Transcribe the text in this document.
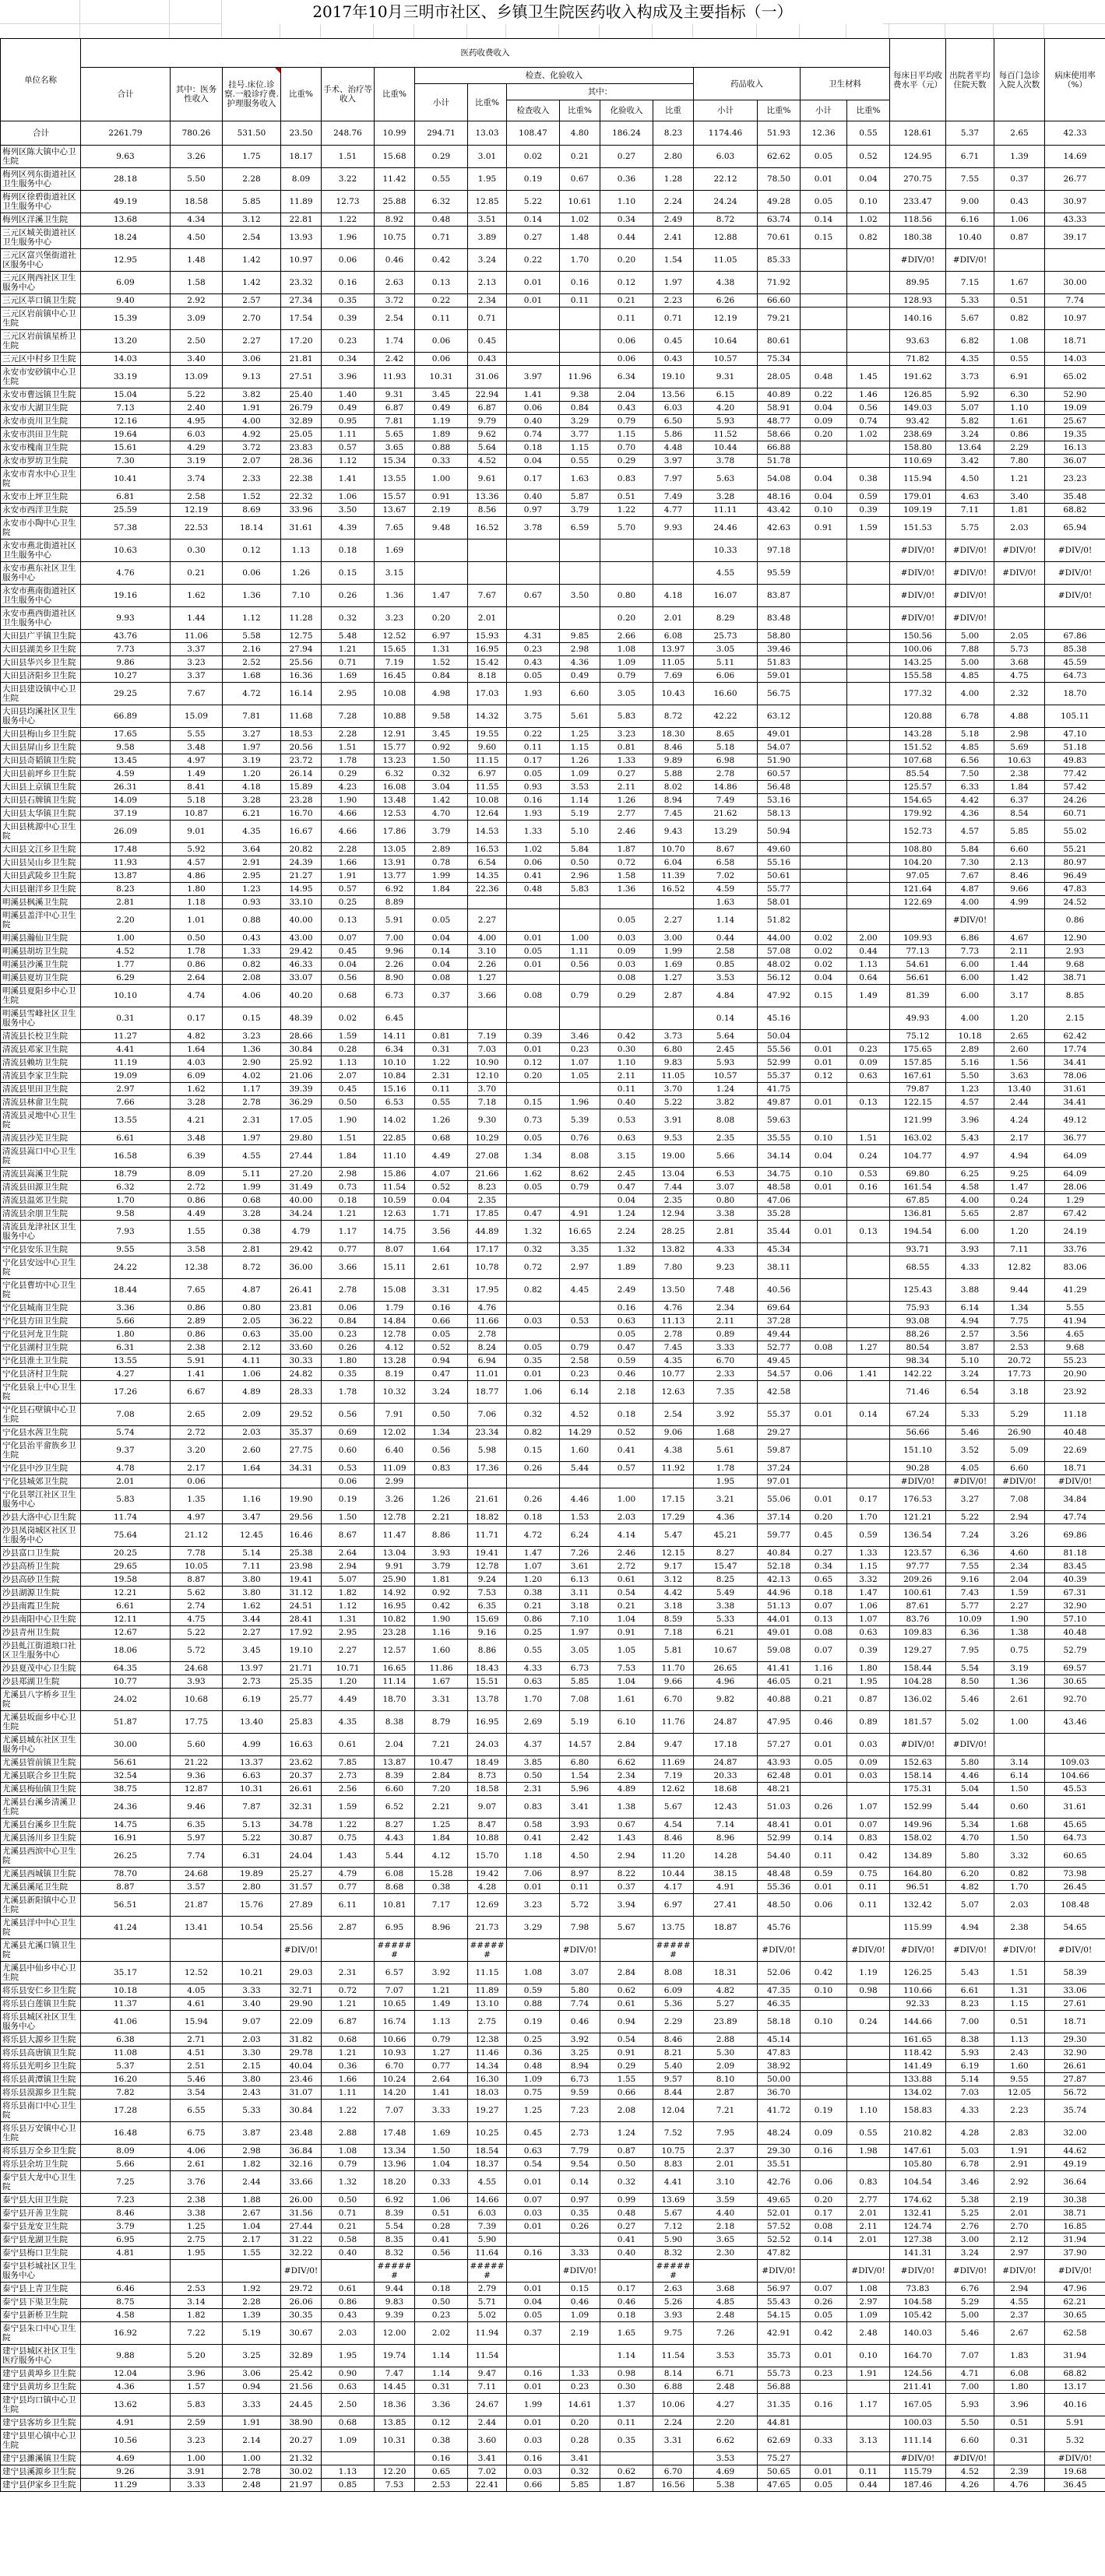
2017年10月三明市社区、乡镇卫生院医药收入构成及主要指标（一）
单位名称	医药收费收入																每床日平均收费水平（元）	出院者平均住院天数	每百门急诊入院人次数	病床使用率（%）
	合计	其中：医务性收入	挂号.床位.诊察.一般诊疗费.护理服务收入	比重%	手术、治疗等收入	比重%	检查、化验收入						药品收入		卫生材料					
							小计	比重%	其中：											
									检查收入	比重%	化验收入	比重	小计	比重%	小计	比重%				
合计	2261.79	780.26	531.50	23.50	248.76	10.99	294.71	13.03	108.47	4.80	186.24	8.23	1174.46	51.93	12.36	0.55	128.61	5.37	2.65	42.33
梅列区陈大镇中心卫生院	9.63	3.26	1.75	18.17	1.51	15.68	0.29	3.01	0.02	0.21	0.27	2.80	6.03	62.62	0.05	0.52	124.95	6.71	1.39	14.69
梅列区列东街道社区卫生服务中心	28.18	5.50	2.28	8.09	3.22	11.42	0.55	1.95	0.19	0.67	0.36	1.28	22.12	78.50	0.01	0.04	270.75	7.55	0.37	26.77
梅列区徐碧街道社区卫生服务中心	49.19	18.58	5.85	11.89	12.73	25.88	6.32	12.85	5.22	10.61	1.10	2.24	24.24	49.28	0.05	0.10	233.47	9.00	0.43	30.97
梅列区洋溪卫生院	13.68	4.34	3.12	22.81	1.22	8.92	0.48	3.51	0.14	1.02	0.34	2.49	8.72	63.74	0.14	1.02	118.56	6.16	1.06	43.33
三元区城关街道社区卫生服务中心	18.24	4.50	2.54	13.93	1.96	10.75	0.71	3.89	0.27	1.48	0.44	2.41	12.88	70.61	0.15	0.82	180.38	10.40	0.87	39.17
三元区富兴堡街道社区服务中心	12.95	1.48	1.42	10.97	0.06	0.46	0.42	3.24	0.22	1.70	0.20	1.54	11.05	85.33			#DIV/0!	#DIV/0!		
三元区荆西社区卫生服务中心	6.09	1.58	1.42	23.32	0.16	2.63	0.13	2.13	0.01	0.16	0.12	1.97	4.38	71.92			89.95	7.15	1.67	30.00
三元区莘口镇卫生院	9.40	2.92	2.57	27.34	0.35	3.72	0.22	2.34	0.01	0.11	0.21	2.23	6.26	66.60			128.93	5.33	0.51	7.74
三元区岩前镇中心卫生院	15.39	3.09	2.70	17.54	0.39	2.54	0.11	0.71			0.11	0.71	12.19	79.21			140.16	5.67	0.82	10.97
三元区岩前镇星桥卫生院	13.20	2.50	2.27	17.20	0.23	1.74	0.06	0.45			0.06	0.45	10.64	80.61			93.63	6.82	1.08	18.71
三元区中村乡卫生院	14.03	3.40	3.06	21.81	0.34	2.42	0.06	0.43			0.06	0.43	10.57	75.34			71.82	4.35	0.55	14.03
永安市安砂镇中心卫生院	33.19	13.09	9.13	27.51	3.96	11.93	10.31	31.06	3.97	11.96	6.34	19.10	9.31	28.05	0.48	1.45	191.62	3.73	6.91	65.02
永安市曹远镇卫生院	15.04	5.22	3.82	25.40	1.40	9.31	3.45	22.94	1.41	9.38	2.04	13.56	6.15	40.89	0.22	1.46	126.85	5.92	6.30	52.90
永安市大湖卫生院	7.13	2.40	1.91	26.79	0.49	6.87	0.49	6.87	0.06	0.84	0.43	6.03	4.20	58.91	0.04	0.56	149.03	5.07	1.10	19.09
永安市贡川卫生院	12.16	4.95	4.00	32.89	0.95	7.81	1.19	9.79	0.40	3.29	0.79	6.50	5.93	48.77	0.09	0.74	93.42	5.82	1.61	25.67
永安市洪田卫生院	19.64	6.03	4.92	25.05	1.11	5.65	1.89	9.62	0.74	3.77	1.15	5.86	11.52	58.66	0.20	1.02	238.69	3.24	0.86	19.35
永安市槐南卫生院	15.61	4.29	3.72	23.83	0.57	3.65	0.88	5.64	0.18	1.15	0.70	4.48	10.44	66.88			158.80	13.64	2.29	16.13
永安市罗坊卫生院	7.30	3.19	2.07	28.36	1.12	15.34	0.33	4.52	0.04	0.55	0.29	3.97	3.78	51.78			110.69	3.42	7.80	36.07
永安市青水中心卫生院	10.41	3.74	2.33	22.38	1.41	13.55	1.00	9.61	0.17	1.63	0.83	7.97	5.63	54.08	0.04	0.38	115.94	4.50	1.21	23.23
永安市上坪卫生院	6.81	2.58	1.52	22.32	1.06	15.57	0.91	13.36	0.40	5.87	0.51	7.49	3.28	48.16	0.04	0.59	179.01	4.63	3.40	35.48
永安市西洋卫生院	25.59	12.19	8.69	33.96	3.50	13.67	2.19	8.56	0.97	3.79	1.22	4.77	11.11	43.42	0.10	0.39	109.19	7.11	1.81	68.82
永安市小陶中心卫生院	57.38	22.53	18.14	31.61	4.39	7.65	9.48	16.52	3.78	6.59	5.70	9.93	24.46	42.63	0.91	1.59	151.53	5.75	2.03	65.94
永安市燕北街道社区卫生服务中心	10.63	0.30	0.12	1.13	0.18	1.69							10.33	97.18			#DIV/0!	#DIV/0!	#DIV/0!	#DIV/0!
永安市燕东社区卫生服务中心	4.76	0.21	0.06	1.26	0.15	3.15							4.55	95.59			#DIV/0!	#DIV/0!	#DIV/0!	#DIV/0!
永安市燕南街道社区卫生服务中心	19.16	1.62	1.36	7.10	0.26	1.36	1.47	7.67	0.67	3.50	0.80	4.18	16.07	83.87			#DIV/0!	#DIV/0!		#DIV/0!
永安市燕西街道社区卫生服务中心	9.93	1.44	1.12	11.28	0.32	3.23	0.20	2.01			0.20	2.01	8.29	83.48			#DIV/0!	#DIV/0!		
大田县广平镇卫生院	43.76	11.06	5.58	12.75	5.48	12.52	6.97	15.93	4.31	9.85	2.66	6.08	25.73	58.80			150.56	5.00	2.05	67.86
大田县湖美乡卫生院	7.73	3.37	2.16	27.94	1.21	15.65	1.31	16.95	0.23	2.98	1.08	13.97	3.05	39.46			100.06	7.88	5.73	85.38
大田县华兴乡卫生院	9.86	3.23	2.52	25.56	0.71	7.19	1.52	15.42	0.43	4.36	1.09	11.05	5.11	51.83			143.25	5.00	3.68	45.59
大田县济阳乡卫生院	10.27	3.37	1.68	16.36	1.69	16.45	0.84	8.18	0.05	0.49	0.79	7.69	6.06	59.01			155.58	4.85	4.75	64.73
大田县建设镇中心卫生院	29.25	7.67	4.72	16.14	2.95	10.08	4.98	17.03	1.93	6.60	3.05	10.43	16.60	56.75			177.32	4.00	2.32	18.70
大田县均溪社区卫生服务中心	66.89	15.09	7.81	11.68	7.28	10.88	9.58	14.32	3.75	5.61	5.83	8.72	42.22	63.12			120.88	6.78	4.88	105.11
大田县梅山乡卫生院	17.65	5.55	3.27	18.53	2.28	12.91	3.45	19.55	0.22	1.25	3.23	18.30	8.65	49.01			143.28	5.18	2.98	47.10
大田县屏山乡卫生院	9.58	3.48	1.97	20.56	1.51	15.77	0.92	9.60	0.11	1.15	0.81	8.46	5.18	54.07			151.52	4.85	5.69	51.18
大田县奇韬镇卫生院	13.45	4.97	3.19	23.72	1.78	13.23	1.50	11.15	0.17	1.26	1.33	9.89	6.98	51.90			107.68	6.56	10.63	49.83
大田县前坪乡卫生院	4.59	1.49	1.20	26.14	0.29	6.32	0.32	6.97	0.05	1.09	0.27	5.88	2.78	60.57			85.54	7.50	2.38	77.42
大田县上京镇卫生院	26.31	8.41	4.18	15.89	4.23	16.08	3.04	11.55	0.93	3.53	2.11	8.02	14.86	56.48			125.57	6.33	1.84	57.42
大田县石牌镇卫生院	14.09	5.18	3.28	23.28	1.90	13.48	1.42	10.08	0.16	1.14	1.26	8.94	7.49	53.16			154.65	4.42	6.37	24.26
大田县太华镇卫生院	37.19	10.87	6.21	16.70	4.66	12.53	4.70	12.64	1.93	5.19	2.77	7.45	21.62	58.13			179.92	4.36	8.54	60.71
大田县桃源中心卫生院	26.09	9.01	4.35	16.67	4.66	17.86	3.79	14.53	1.33	5.10	2.46	9.43	13.29	50.94			152.73	4.57	5.85	55.02
大田县文江乡卫生院	17.48	5.92	3.64	20.82	2.28	13.05	2.89	16.53	1.02	5.84	1.87	10.70	8.67	49.60			108.80	5.84	6.60	55.21
大田县吴山乡卫生院	11.93	4.57	2.91	24.39	1.66	13.91	0.78	6.54	0.06	0.50	0.72	6.04	6.58	55.16			104.20	7.30	2.13	80.97
大田县武陵乡卫生院	13.87	4.86	2.95	21.27	1.91	13.77	1.99	14.35	0.41	2.96	1.58	11.39	7.02	50.61			97.05	7.67	8.46	96.49
大田县谢洋乡卫生院	8.23	1.80	1.23	14.95	0.57	6.92	1.84	22.36	0.48	5.83	1.36	16.52	4.59	55.77			121.64	4.87	9.66	47.83
明溪县枫溪卫生院	2.81	1.18	0.93	33.10	0.25	8.89							1.63	58.01			122.69	4.00	4.99	24.52
明溪县盖洋中心卫生院	2.20	1.01	0.88	40.00	0.13	5.91	0.05	2.27			0.05	2.27	1.14	51.82				#DIV/0!		0.86
明溪县瀚仙卫生院	1.00	0.50	0.43	43.00	0.07	7.00	0.04	4.00	0.01	1.00	0.03	3.00	0.44	44.00	0.02	2.00	109.93	6.86	4.67	12.90
明溪县胡坊卫生院	4.52	1.78	1.33	29.42	0.45	9.96	0.14	3.10	0.05	1.11	0.09	1.99	2.58	57.08	0.02	0.44	77.13	7.73	2.11	2.93
明溪县沙溪卫生院	1.77	0.86	0.82	46.33	0.04	2.26	0.04	2.26	0.01	0.56	0.03	1.69	0.85	48.02	0.02	1.13	54.61	6.00	1.44	9.68
明溪县夏坊卫生院	6.29	2.64	2.08	33.07	0.56	8.90	0.08	1.27			0.08	1.27	3.53	56.12	0.04	0.64	56.61	6.00	1.42	38.71
明溪县夏阳乡中心卫生院	10.10	4.74	4.06	40.20	0.68	6.73	0.37	3.66	0.08	0.79	0.29	2.87	4.84	47.92	0.15	1.49	81.39	6.00	3.17	8.85
明溪县雪峰社区卫生服务中心	0.31	0.17	0.15	48.39	0.02	6.45							0.14	45.16			49.93	4.00	1.20	2.15
清流县长校卫生院	11.27	4.82	3.23	28.66	1.59	14.11	0.81	7.19	0.39	3.46	0.42	3.73	5.64	50.04			75.12	10.18	2.65	62.42
清流县邓家卫生院	4.41	1.64	1.36	30.84	0.28	6.34	0.31	7.03	0.01	0.23	0.30	6.80	2.45	55.56	0.01	0.23	175.65	2.89	2.60	17.74
清流县赖坊卫生院	11.19	4.03	2.90	25.92	1.13	10.10	1.22	10.90	0.12	1.07	1.10	9.83	5.93	52.99	0.01	0.09	157.85	5.16	1.56	34.41
清流县李家卫生院	19.09	6.09	4.02	21.06	2.07	10.84	2.31	12.10	0.20	1.05	2.11	11.05	10.57	55.37	0.12	0.63	167.61	5.50	3.63	78.06
清流县里田卫生院	2.97	1.62	1.17	39.39	0.45	15.16	0.11	3.70			0.11	3.70	1.24	41.75			79.87	1.23	13.40	31.61
清流县林畲卫生院	7.66	3.28	2.78	36.29	0.50	6.53	0.55	7.18	0.15	1.96	0.40	5.22	3.82	49.87	0.01	0.13	122.15	4.57	2.44	34.41
清流县灵地中心卫生院	13.55	4.21	2.31	17.05	1.90	14.02	1.26	9.30	0.73	5.39	0.53	3.91	8.08	59.63			121.99	3.96	4.24	49.12
清流县沙芜卫生院	6.61	3.48	1.97	29.80	1.51	22.85	0.68	10.29	0.05	0.76	0.63	9.53	2.35	35.55	0.10	1.51	163.02	5.43	2.17	36.77
清流县嵩口中心卫生院	16.58	6.39	4.55	27.44	1.84	11.10	4.49	27.08	1.34	8.08	3.15	19.00	5.66	34.14	0.04	0.24	104.77	4.97	4.94	64.09
清流县嵩溪卫生院	18.79	8.09	5.11	27.20	2.98	15.86	4.07	21.66	1.62	8.62	2.45	13.04	6.53	34.75	0.10	0.53	69.80	6.25	9.25	64.09
清流县田源卫生院	6.32	2.72	1.99	31.49	0.73	11.54	0.52	8.23	0.05	0.79	0.47	7.44	3.07	48.58	0.01	0.16	161.54	4.58	1.47	28.06
清流县温郊卫生院	1.70	0.86	0.68	40.00	0.18	10.59	0.04	2.35			0.04	2.35	0.80	47.06			67.85	4.00	0.24	1.29
清流县余朋卫生院	9.58	4.49	3.28	34.24	1.21	12.63	1.71	17.85	0.47	4.91	1.24	12.94	3.38	35.28			136.81	5.65	2.87	67.42
清流县龙津社区卫生服务中心	7.93	1.55	0.38	4.79	1.17	14.75	3.56	44.89	1.32	16.65	2.24	28.25	2.81	35.44	0.01	0.13	194.54	6.00	1.20	24.19
宁化县安乐卫生院	9.55	3.58	2.81	29.42	0.77	8.07	1.64	17.17	0.32	3.35	1.32	13.82	4.33	45.34			93.71	3.93	7.11	33.76
宁化县安远中心卫生院	24.22	12.38	8.72	36.00	3.66	15.11	2.61	10.78	0.72	2.97	1.89	7.80	9.23	38.11			68.55	4.33	12.82	83.06
宁化县曹坊中心卫生院	18.44	7.65	4.87	26.41	2.78	15.08	3.31	17.95	0.82	4.45	2.49	13.50	7.48	40.56			125.43	3.88	9.44	41.29
宁化县城南卫生院	3.36	0.86	0.80	23.81	0.06	1.79	0.16	4.76			0.16	4.76	2.34	69.64			75.93	6.14	1.34	5.55
宁化县方田卫生院	5.66	2.89	2.05	36.22	0.84	14.84	0.66	11.66	0.03	0.53	0.63	11.13	2.11	37.28			93.08	4.94	7.75	41.94
宁化县河龙卫生院	1.80	0.86	0.63	35.00	0.23	12.78	0.05	2.78			0.05	2.78	0.89	49.44			88.26	2.57	3.56	4.65
宁化县湖村卫生院	6.31	2.38	2.12	33.60	0.26	4.12	0.52	8.24	0.05	0.79	0.47	7.45	3.33	52.77	0.08	1.27	80.54	3.87	2.53	9.68
宁化县淮土卫生院	13.55	5.91	4.11	30.33	1.80	13.28	0.94	6.94	0.35	2.58	0.59	4.35	6.70	49.45			98.34	5.10	20.72	55.23
宁化县济村卫生院	4.27	1.41	1.06	24.82	0.35	8.19	0.47	11.01	0.01	0.23	0.46	10.77	2.33	54.57	0.06	1.41	142.22	3.24	17.73	20.90
宁化县泉上中心卫生院	17.26	6.67	4.89	28.33	1.78	10.32	3.24	18.77	1.06	6.14	2.18	12.63	7.35	42.58			71.46	6.54	3.18	23.92
宁化县石壁镇中心卫生院	7.08	2.65	2.09	29.52	0.56	7.91	0.50	7.06	0.32	4.52	0.18	2.54	3.92	55.37	0.01	0.14	67.24	5.33	5.29	11.18
宁化县水茜卫生院	5.74	2.72	2.03	35.37	0.69	12.02	1.34	23.34	0.82	14.29	0.52	9.06	1.68	29.27			56.66	5.46	26.90	40.48
宁化县治平畲族乡卫生院	9.37	3.20	2.60	27.75	0.60	6.40	0.56	5.98	0.15	1.60	0.41	4.38	5.61	59.87			151.10	3.52	5.09	22.69
宁化县中沙卫生院	4.78	2.17	1.64	34.31	0.53	11.09	0.83	17.36	0.26	5.44	0.57	11.92	1.78	37.24			90.28	4.05	6.60	18.71
宁化县城郊卫生院	2.01	0.06			0.06	2.99							1.95	97.01			#DIV/0!	#DIV/0!	#DIV/0!	#DIV/0!
宁化县翠江社区卫生服务中心	5.83	1.35	1.16	19.90	0.19	3.26	1.26	21.61	0.26	4.46	1.00	17.15	3.21	55.06	0.01	0.17	176.53	3.27	7.08	34.84
沙县大洛中心卫生院	11.74	4.97	3.47	29.56	1.50	12.78	2.21	18.82	0.18	1.53	2.03	17.29	4.36	37.14	0.20	1.70	121.21	5.22	2.94	47.74
沙县凤岗城区社区卫生服务中心	75.64	21.12	12.45	16.46	8.67	11.47	8.86	11.71	4.72	6.24	4.14	5.47	45.21	59.77	0.45	0.59	136.54	7.24	3.26	69.86
沙县富口卫生院	20.25	7.78	5.14	25.38	2.64	13.04	3.93	19.41	1.47	7.26	2.46	12.15	8.27	40.84	0.27	1.33	123.57	6.36	4.60	81.18
沙县高桥卫生院	29.65	10.05	7.11	23.98	2.94	9.91	3.79	12.78	1.07	3.61	2.72	9.17	15.47	52.18	0.34	1.15	97.77	7.55	2.34	83.45
沙县高砂卫生院	19.58	8.87	3.80	19.41	5.07	25.90	1.81	9.24	1.20	6.13	0.61	3.12	8.25	42.13	0.65	3.32	209.26	9.16	2.04	40.39
沙县湖源卫生院	12.21	5.62	3.80	31.12	1.82	14.92	0.92	7.53	0.38	3.11	0.54	4.42	5.49	44.96	0.18	1.47	100.61	7.43	1.59	67.31
沙县南霞卫生院	6.61	2.74	1.62	24.51	1.12	16.95	0.42	6.35	0.21	3.18	0.21	3.18	3.38	51.13	0.07	1.06	87.61	5.77	2.27	32.90
沙县南阳中心卫生院	12.11	4.75	3.44	28.41	1.31	10.82	1.90	15.69	0.86	7.10	1.04	8.59	5.33	44.01	0.13	1.07	83.76	10.09	1.90	57.10
沙县青州卫生院	12.67	5.22	2.27	17.92	2.95	23.28	1.16	9.16	0.25	1.97	0.91	7.18	6.21	49.01	0.08	0.63	109.83	6.36	1.38	40.48
沙县虬江街道琅口社区卫生服务中心	18.06	5.72	3.45	19.10	2.27	12.57	1.60	8.86	0.55	3.05	1.05	5.81	10.67	59.08	0.07	0.39	129.27	7.95	0.75	52.79
沙县夏茂中心卫生院	64.35	24.68	13.97	21.71	10.71	16.65	11.86	18.43	4.33	6.73	7.53	11.70	26.65	41.41	1.16	1.80	158.44	5.54	3.19	69.57
沙县郑湖卫生院	10.77	3.93	2.73	25.35	1.20	11.14	1.67	15.51	0.63	5.85	1.04	9.66	4.96	46.05	0.21	1.95	104.28	8.50	1.36	30.65
尤溪县八字桥乡卫生院	24.02	10.68	6.19	25.77	4.49	18.70	3.31	13.78	1.70	7.08	1.61	6.70	9.82	40.88	0.21	0.87	136.02	5.46	2.61	92.70
尤溪县坂面乡中心卫生院	51.87	17.75	13.40	25.83	4.35	8.38	8.79	16.95	2.69	5.19	6.10	11.76	24.87	47.95	0.46	0.89	181.57	5.02	1.00	43.46
尤溪县城东社区卫生服务中心	30.00	5.60	4.99	16.63	0.61	2.04	7.21	24.03	4.37	14.57	2.84	9.47	17.18	57.27	0.01	0.03	#DIV/0!	#DIV/0!		
尤溪县管前镇卫生院	56.61	21.22	13.37	23.62	7.85	13.87	10.47	18.49	3.85	6.80	6.62	11.69	24.87	43.93	0.05	0.09	152.63	5.80	3.14	109.03
尤溪县联合乡卫生院	32.54	9.36	6.63	20.37	2.73	8.39	2.84	8.73	0.50	1.54	2.34	7.19	20.33	62.48	0.01	0.03	158.14	4.46	6.14	104.66
尤溪县梅仙镇卫生院	38.75	12.87	10.31	26.61	2.56	6.60	7.20	18.58	2.31	5.96	4.89	12.62	18.68	48.21			175.31	5.04	1.50	45.53
尤溪县台溪乡清溪卫生院	24.36	9.46	7.87	32.31	1.59	6.52	2.21	9.07	0.83	3.41	1.38	5.67	12.43	51.03	0.26	1.07	152.99	5.44	0.60	31.61
尤溪县台溪乡卫生院	14.75	6.35	5.13	34.78	1.22	8.27	1.25	8.47	0.58	3.93	0.67	4.54	7.14	48.41	0.01	0.07	149.96	5.34	1.68	45.65
尤溪县汤川乡卫生院	16.91	5.97	5.22	30.87	0.75	4.43	1.84	10.88	0.41	2.42	1.43	8.46	8.96	52.99	0.14	0.83	158.02	4.70	1.50	64.73
尤溪县西滨中心卫生院	26.25	7.74	6.31	24.04	1.43	5.44	4.12	15.70	1.18	4.50	2.94	11.20	14.28	54.40	0.11	0.42	134.89	5.80	3.32	60.65
尤溪县西城镇卫生院	78.70	24.68	19.89	25.27	4.79	6.08	15.28	19.42	7.06	8.97	8.22	10.44	38.15	48.48	0.59	0.75	164.80	6.20	0.82	73.98
尤溪县溪尾卫生院	8.87	3.57	2.80	31.57	0.77	8.68	0.38	4.28	0.01	0.11	0.37	4.17	4.91	55.36	0.01	0.11	96.51	4.82	1.70	26.45
尤溪县新阳镇中心卫生院	56.51	21.87	15.76	27.89	6.11	10.81	7.17	12.69	3.23	5.72	3.94	6.97	27.41	48.50	0.06	0.11	132.42	5.07	2.03	108.48
尤溪县洋中中心卫生院	41.24	13.41	10.54	25.56	2.87	6.95	8.96	21.73	3.29	7.98	5.67	13.75	18.87	45.76			115.99	4.94	2.38	54.65
尤溪县尤溪口镇卫生院				#DIV/0!		######		######		#DIV/0!		######		#DIV/0!		#DIV/0!	#DIV/0!	#DIV/0!	#DIV/0!	#DIV/0!
尤溪县中仙乡中心卫生院	35.17	12.52	10.21	29.03	2.31	6.57	3.92	11.15	1.08	3.07	2.84	8.08	18.31	52.06	0.42	1.19	126.25	5.43	1.51	58.39
将乐县安仁乡卫生院	10.18	4.05	3.33	32.71	0.72	7.07	1.21	11.89	0.59	5.80	0.62	6.09	4.82	47.35	0.10	0.98	110.66	6.61	1.31	33.06
将乐县白莲镇卫生院	11.37	4.61	3.40	29.90	1.21	10.65	1.49	13.10	0.88	7.74	0.61	5.36	5.27	46.35			92.33	8.23	1.15	27.61
将乐县城区社区卫生服务中心	41.06	15.94	9.07	22.09	6.87	16.74	1.13	2.75	0.19	0.46	0.94	2.29	23.89	58.18	0.10	0.24	144.66	7.00	0.51	18.71
将乐县大源乡卫生院	6.38	2.71	2.03	31.82	0.68	10.66	0.79	12.38	0.25	3.92	0.54	8.46	2.88	45.14			161.65	8.38	1.13	29.30
将乐县高唐镇卫生院	11.08	4.51	3.30	29.78	1.21	10.93	1.27	11.46	0.36	3.25	0.91	8.21	5.30	47.83			118.42	5.93	2.43	32.90
将乐县光明乡卫生院	5.37	2.51	2.15	40.04	0.36	6.70	0.77	14.34	0.48	8.94	0.29	5.40	2.09	38.92			141.49	6.19	1.60	26.61
将乐县黄潭镇卫生院	16.20	5.46	3.80	23.46	1.66	10.24	2.64	16.30	1.09	6.73	1.55	9.57	8.10	50.00			133.88	5.14	9.55	27.87
将乐县漠源乡卫生院	7.82	3.54	2.43	31.07	1.11	14.20	1.41	18.03	0.75	9.59	0.66	8.44	2.87	36.70			134.02	7.03	12.05	56.72
将乐县南口中心卫生院	17.28	6.55	5.33	30.84	1.22	7.07	3.33	19.27	1.25	7.23	2.08	12.04	7.21	41.72	0.19	1.10	158.83	4.33	2.23	35.74
将乐县万安镇中心卫生院	16.48	6.75	3.87	23.48	2.88	17.48	1.69	10.25	0.45	2.73	1.24	7.52	7.95	48.24	0.09	0.55	210.82	4.28	2.83	32.00
将乐县万全乡卫生院	8.09	4.06	2.98	36.84	1.08	13.34	1.50	18.54	0.63	7.79	0.87	10.75	2.37	29.30	0.16	1.98	147.61	5.03	1.91	44.62
将乐县余坊卫生院	5.66	2.61	1.82	32.16	0.79	13.96	1.04	18.37	0.54	9.54	0.50	8.83	2.01	35.51			105.80	6.78	2.91	49.19
泰宁县大龙中心卫生院	7.25	3.76	2.44	33.66	1.32	18.20	0.33	4.55	0.01	0.14	0.32	4.41	3.10	42.76	0.06	0.83	104.54	3.46	2.92	36.64
泰宁县大田卫生院	7.23	2.38	1.88	26.00	0.50	6.92	1.06	14.66	0.07	0.97	0.99	13.69	3.59	49.65	0.20	2.77	174.62	5.38	2.19	30.38
泰宁县开善卫生院	8.46	3.38	2.67	31.56	0.71	8.39	0.51	6.03	0.03	0.35	0.48	5.67	4.40	52.01	0.17	2.01	132.41	5.25	2.01	38.71
泰宁县龙安卫生院	3.79	1.25	1.04	27.44	0.21	5.54	0.28	7.39	0.01	0.26	0.27	7.12	2.18	57.52	0.08	2.11	124.74	2.76	2.70	16.85
泰宁县龙湖卫生院	6.95	2.75	2.17	31.22	0.58	8.35	0.41	5.90			0.41	5.90	3.65	52.52	0.14	2.01	127.38	3.00	2.12	31.94
泰宁县梅口卫生院	4.81	1.95	1.55	32.22	0.40	8.32	0.56	11.64	0.16	3.33	0.40	8.32	2.30	47.82			141.31	3.24	2.97	37.90
泰宁县杉城社区卫生服务中心				#DIV/0!		######		######		#DIV/0!		######		#DIV/0!		#DIV/0!	#DIV/0!	#DIV/0!	#DIV/0!	#DIV/0!
泰宁县上青卫生院	6.46	2.53	1.92	29.72	0.61	9.44	0.18	2.79	0.01	0.15	0.17	2.63	3.68	56.97	0.07	1.08	73.83	6.76	2.94	47.96
泰宁县下渠卫生院	8.75	3.14	2.28	26.06	0.86	9.83	0.50	5.71	0.04	0.46	0.46	5.26	4.85	55.43	0.26	2.97	104.58	5.29	4.55	62.21
泰宁县新桥卫生院	4.58	1.82	1.39	30.35	0.43	9.39	0.23	5.02	0.05	1.09	0.18	3.93	2.48	54.15	0.05	1.09	105.42	5.00	2.37	30.65
泰宁县朱口中心卫生院	16.92	7.22	5.19	30.67	2.03	12.00	2.02	11.94	0.37	2.19	1.65	9.75	7.26	42.91	0.42	2.48	140.03	5.46	2.67	62.58
建宁县城区社区卫生医疗服务中心	9.88	5.20	3.25	32.89	1.95	19.74	1.14	11.54			1.14	11.54	3.53	35.73	0.01	0.10	164.70	7.07	1.83	31.94
建宁县黄埠乡卫生院	12.04	3.96	3.06	25.42	0.90	7.47	1.14	9.47	0.16	1.33	0.98	8.14	6.71	55.73	0.23	1.91	124.56	4.71	6.08	68.82
建宁县黄坊乡卫生院	4.36	1.57	0.94	21.56	0.63	14.45	0.31	7.11	0.01	0.23	0.30	6.88	2.48	56.88			211.41	7.00	1.80	13.17
建宁县均口镇中心卫生院	13.62	5.83	3.33	24.45	2.50	18.36	3.36	24.67	1.99	14.61	1.37	10.06	4.27	31.35	0.16	1.17	167.05	5.93	3.96	40.16
建宁县客坊乡卫生院	4.91	2.59	1.91	38.90	0.68	13.85	0.12	2.44	0.01	0.20	0.11	2.24	2.20	44.81			100.03	5.50	0.51	5.91
建宁县里心镇中心卫生院	10.56	3.23	2.14	20.27	1.09	10.31	0.38	3.60	0.03	0.28	0.35	3.31	6.62	62.69	0.33	3.13	111.14	6.60	0.31	5.32
建宁县濉溪镇卫生院	4.69	1.00	1.00	21.32			0.16	3.41	0.16	3.41			3.53	75.27			#DIV/0!	#DIV/0!		#DIV/0!
建宁县溪源乡卫生院	9.26	3.91	2.78	30.02	1.13	12.20	0.65	7.02	0.03	0.32	0.62	6.70	4.69	50.65	0.01	0.11	115.79	4.52	2.39	19.68
建宁县伊家乡卫生院	11.29	3.33	2.48	21.97	0.85	7.53	2.53	22.41	0.66	5.85	1.87	16.56	5.38	47.65	0.05	0.44	187.46	4.26	4.76	36.45
